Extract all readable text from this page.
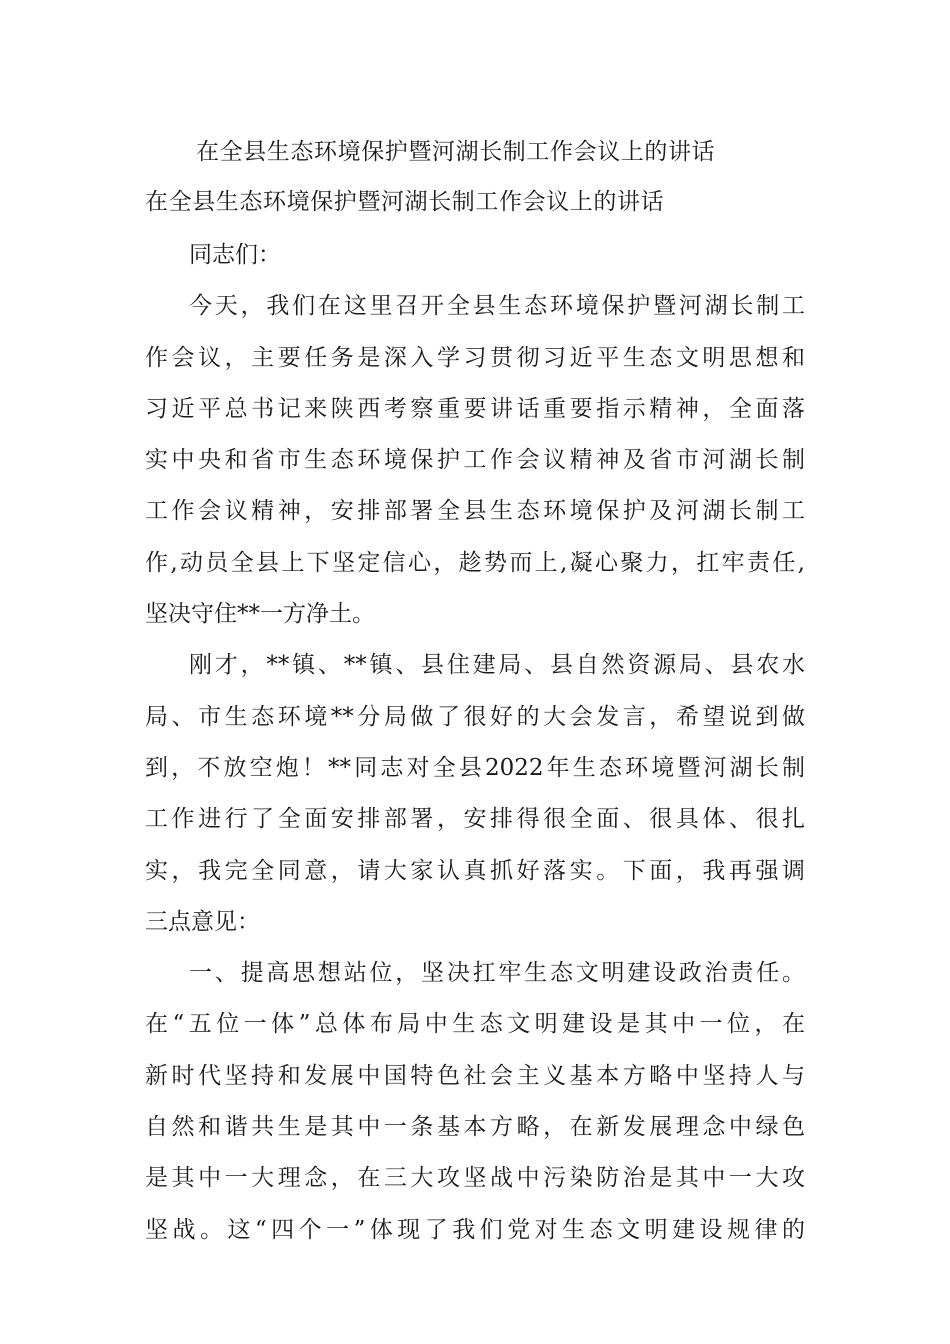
在全县生态环境保护暨河湖长制工作会议上的讲话
在全县生态环境保护暨河湖长制工作会议上的讲话
同志们：
今天，我们在这里召开全县生态环境保护暨河湖长制工
作会议，主要任务是深入学习贯彻习近平生态文明思想和
习近平总书记来陕西考察重要讲话重要指示精神，全面落
实中央和省市生态环境保护工作会议精神及省市河湖长制
工作会议精神，安排部署全县生态环境保护及河湖长制工
作,动员全县上下坚定信心，趁势而上,凝心聚力，扛牢责任,
坚决守住**一方净土。
刚才，**镇、**镇、县住建局、县自然资源局、县农水
局、市生态环境**分局做了很好的大会发言，希望说到做
到，不放空炮！**同志对全县2022年生态环境暨河湖长制
工作进行了全面安排部署，安排得很全面、很具体、很扎
实，我完全同意，请大家认真抓好落实。下面，我再强调
三点意见：
一、提高思想站位，坚决扛牢生态文明建设政治责任。
在“五位一体”总体布局中生态文明建设是其中一位，在
新时代坚持和发展中国特色社会主义基本方略中坚持人与
自然和谐共生是其中一条基本方略，在新发展理念中绿色
是其中一大理念，在三大攻坚战中污染防治是其中一大攻
坚战。这“四个一”体现了我们党对生态文明建设规律的
